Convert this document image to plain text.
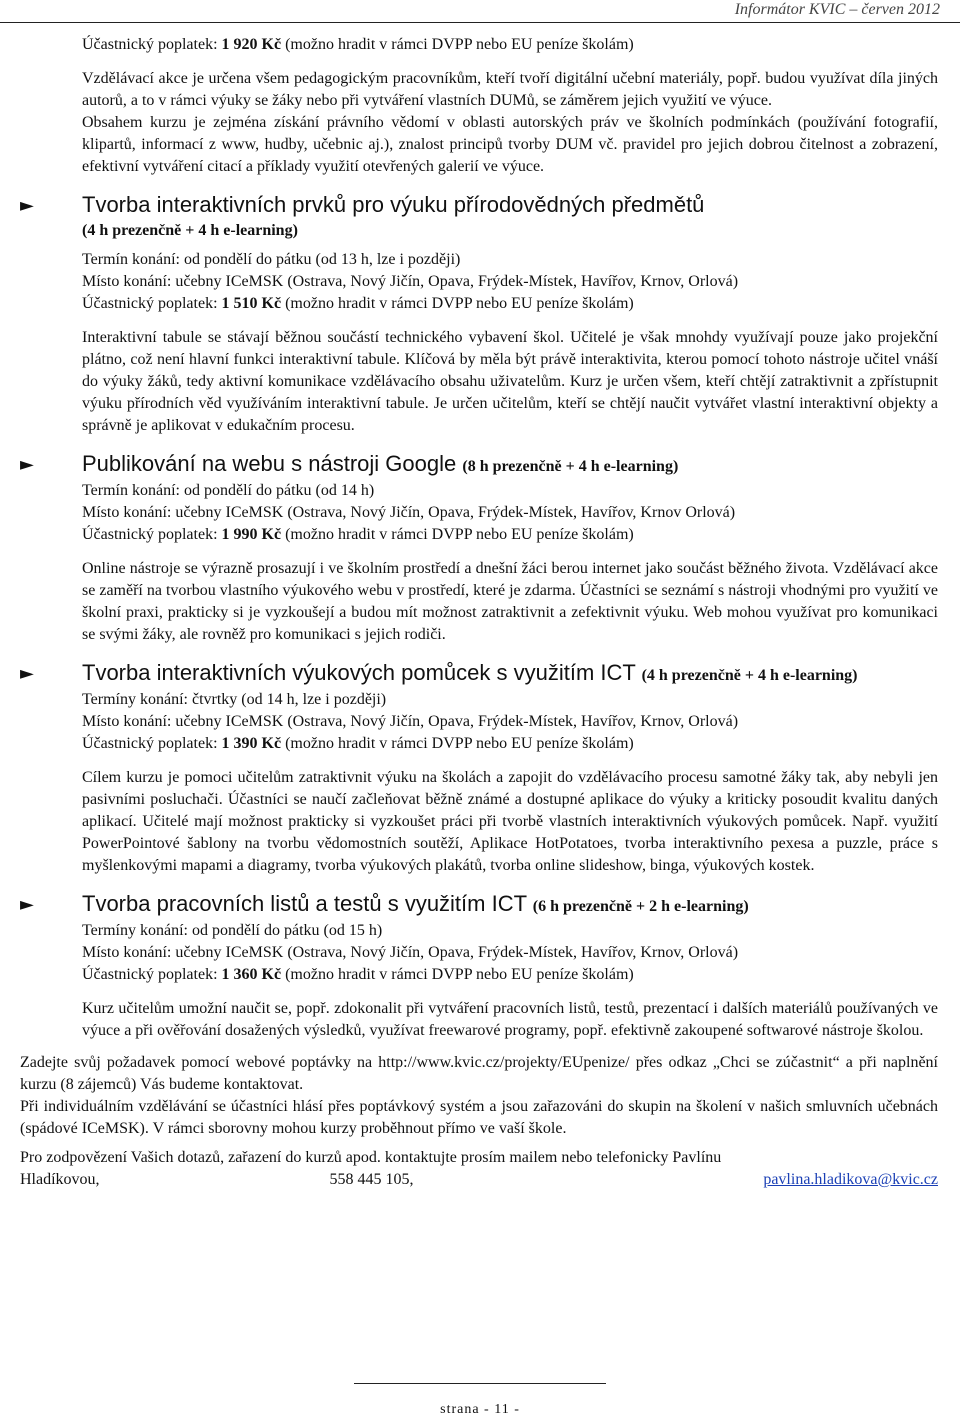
Informátor KVIC – červen 2012

Účastnický poplatek: 1 920 Kč (možno hradit v rámci DVPP nebo EU peníze školám)

Vzdělávací akce je určena všem pedagogickým pracovníkům, kteří tvoří digitální učební materiály, popř. budou využívat díla jiných autorů, a to v rámci výuky se žáky nebo při vytváření vlastních DUMů, se záměrem jejich využití ve výuce.

Obsahem kurzu je zejména získání právního vědomí v oblasti autorských práv ve školních podmínkách (používání fotografií, klipartů, informací z www, hudby, učebnic aj.), znalost principů tvorby DUM vč. pravidel pro jejich dobrou čitelnost a zobrazení, efektivní vytváření citací a příklady využití otevřených galerií ve výuce.

► Tvorba interaktivních prvků pro výuku přírodovědných předmětů

(4 h prezenčně + 4 h e-learning)

Termín konání: od pondělí do pátku (od 13 h, lze i později)

Místo konání: učebny ICeMSK (Ostrava, Nový Jičín, Opava, Frýdek-Místek, Havířov, Krnov, Orlová)

Účastnický poplatek: 1 510 Kč (možno hradit v rámci DVPP nebo EU peníze školám)

Interaktivní tabule se stávají běžnou součástí technického vybavení škol. Učitelé je však mnohdy využívají pouze jako projekční plátno, což není hlavní funkci interaktivní tabule. Klíčová by měla být právě interaktivita, kterou pomocí tohoto nástroje učitel vnáší do výuky žáků, tedy aktivní komunikace vzdělávacího obsahu uživatelům. Kurz je určen všem, kteří chtějí zatraktivnit a zpřístupnit výuku přírodních věd využíváním interaktivní tabule. Je určen učitelům, kteří se chtějí naučit vytvářet vlastní interaktivní objekty a správně je aplikovat v edukačním procesu.

► Publikování na webu s nástroji Google (8 h prezenčně + 4 h e-learning)

Termín konání: od pondělí do pátku (od 14 h)

Místo konání: učebny ICeMSK (Ostrava, Nový Jičín, Opava, Frýdek-Místek, Havířov, Krnov Orlová)

Účastnický poplatek: 1 990 Kč (možno hradit v rámci DVPP nebo EU peníze školám)

Online nástroje se výrazně prosazují i ve školním prostředí a dnešní žáci berou internet jako součást běžného života. Vzdělávací akce se zaměří na tvorbou vlastního výukového webu v prostředí, které je zdarma. Účastníci se seznámí s nástroji vhodnými pro využití ve školní praxi, prakticky si je vyzkoušejí a budou mít možnost zatraktivnit a zefektivnit výuku. Web mohou využívat pro komunikaci se svými žáky, ale rovněž pro komunikaci s jejich rodiči.

► Tvorba interaktivních výukových pomůcek s využitím ICT (4 h prezenčně + 4 h e-learning)

Termíny konání: čtvrtky (od 14 h, lze i později)

Místo konání: učebny ICeMSK (Ostrava, Nový Jičín, Opava, Frýdek-Místek, Havířov, Krnov, Orlová)

Účastnický poplatek: 1 390 Kč (možno hradit v rámci DVPP nebo EU peníze školám)

Cílem kurzu je pomoci učitelům zatraktivnit výuku na školách a zapojit do vzdělávacího procesu samotné žáky tak, aby nebyli jen pasivními posluchači. Účastníci se naučí začleňovat běžně známé a dostupné aplikace do výuky a kriticky posoudit kvalitu daných aplikací. Učitelé mají možnost prakticky si vyzkoušet práci při tvorbě vlastních interaktivních výukových pomůcek. Např. využití PowerPointové šablony na tvorbu vědomostních soutěží, Aplikace HotPotatoes, tvorba interaktivního pexesa a puzzle, práce s myšlenkovými mapami a diagramy, tvorba výukových plakátů, tvorba online slideshow, binga, výukových kostek.

► Tvorba pracovních listů a testů s využitím ICT (6 h prezenčně + 2 h e-learning)

Termíny konání: od pondělí do pátku (od 15 h)

Místo konání: učebny ICeMSK (Ostrava, Nový Jičín, Opava, Frýdek-Místek, Havířov, Krnov, Orlová)

Účastnický poplatek: 1 360 Kč (možno hradit v rámci DVPP nebo EU peníze školám)

Kurz učitelům umožní naučit se, popř. zdokonalit při vytváření pracovních listů, testů, prezentací i dalších materiálů používaných ve výuce a při ověřování dosažených výsledků, využívat freewarové programy, popř. efektivně zakoupené softwarové nástroje školou.

Zadejte svůj požadavek pomocí webové poptávky na http://www.kvic.cz/projekty/EUpenize/ přes odkaz „Chci se zúčastnit“ a při naplnění kurzu (8 zájemců) Vás budeme kontaktovat.

Při individuálním vzdělávání se účastníci hlásí přes poptávkový systém a jsou zařazováni do skupin na školení v našich smluvních učebnách (spádové ICeMSK). V rámci sborovny mohou kurzy proběhnout přímo ve vaší škole.

Pro zodpovězení Vašich dotazů, zařazení do kurzů apod. kontaktujte prosím mailem nebo telefonicky Pavlínu

Hladíkovou,	558 445 105,	pavlina.hladikova@kvic.cz
strana - 11 -
